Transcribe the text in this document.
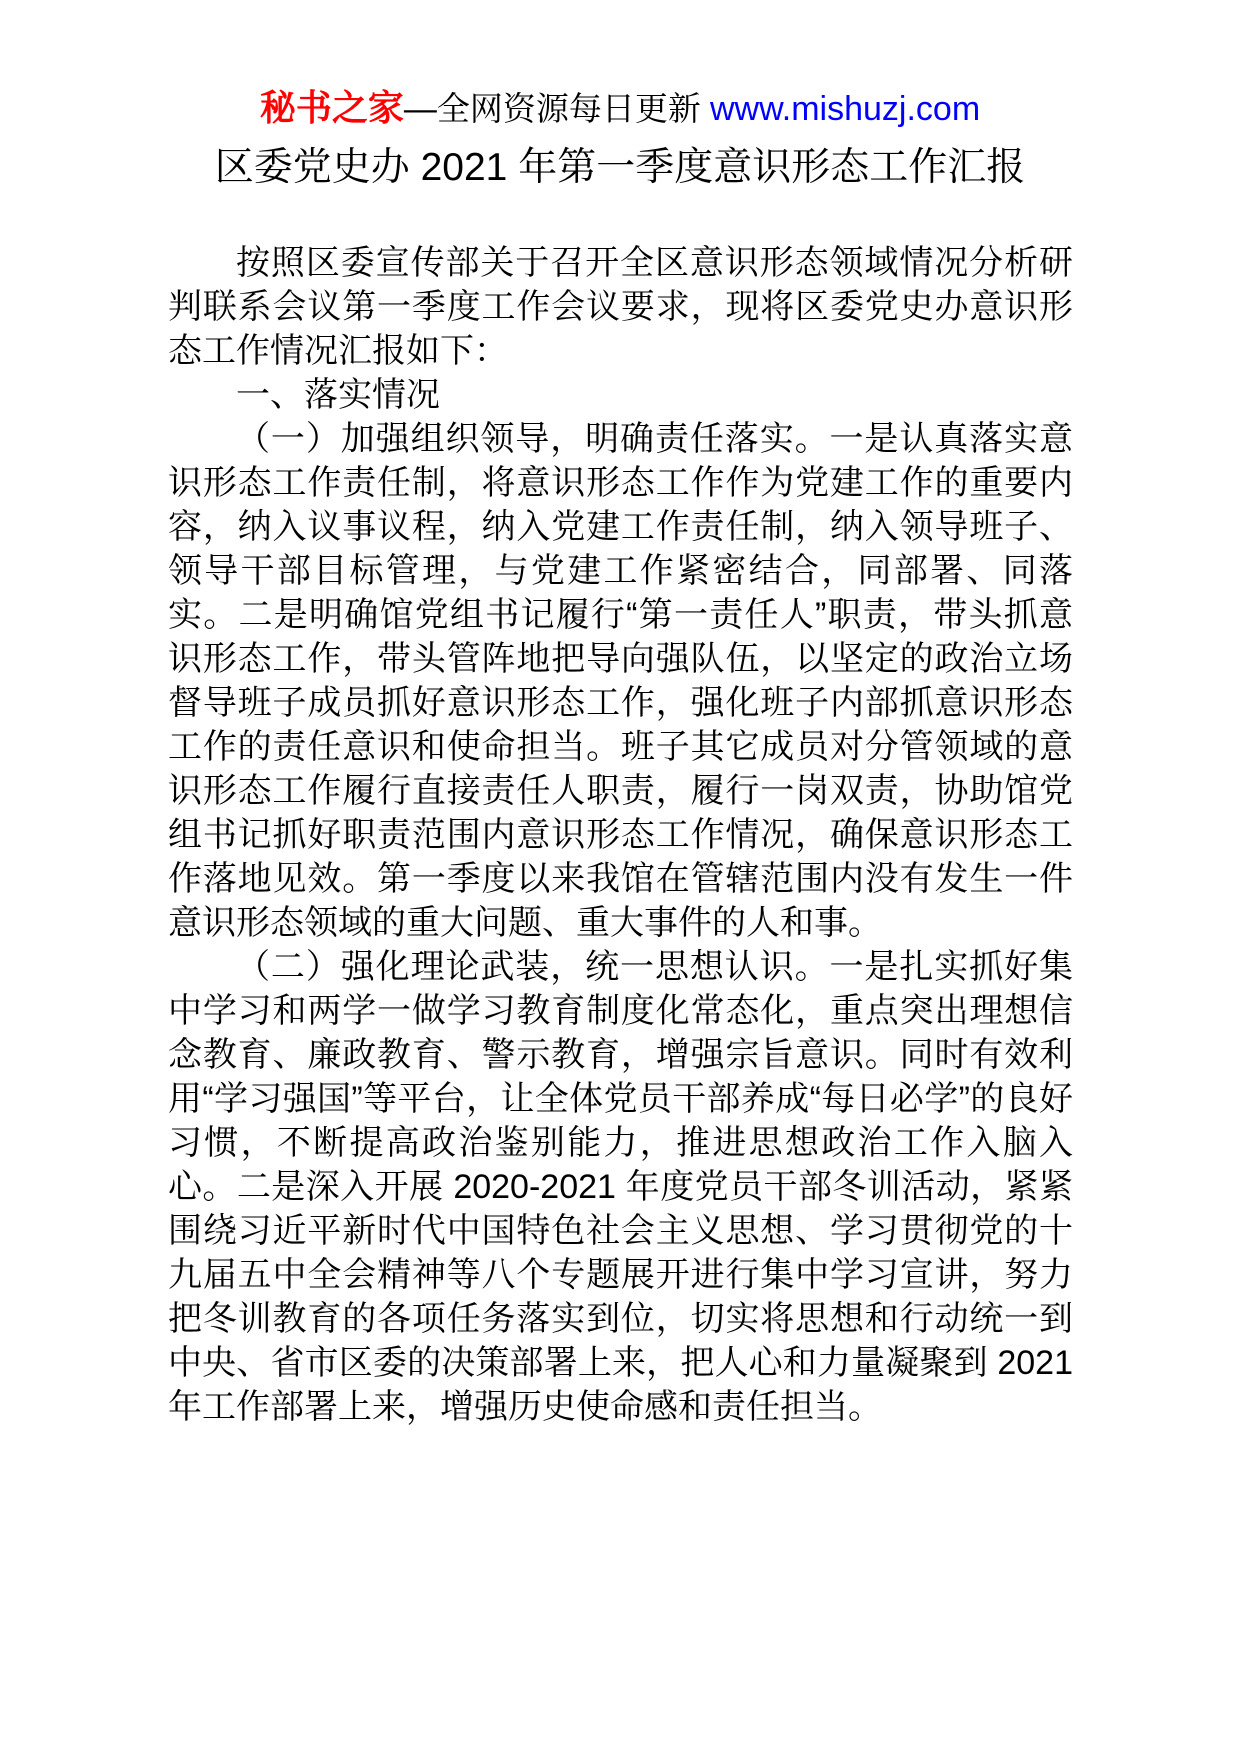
秘书之家—全网资源每日更新 www.mishuzj.com
区委党史办 2021 年第一季度意识形态工作汇报

按照区委宣传部关于召开全区意识形态领域情况分析研判联系会议第一季度工作会议要求，现将区委党史办意识形态工作情况汇报如下：

一、落实情况

（一）加强组织领导，明确责任落实。一是认真落实意识形态工作责任制，将意识形态工作作为党建工作的重要内容，纳入议事议程，纳入党建工作责任制，纳入领导班子、领导干部目标管理，与党建工作紧密结合，同部署、同落实。二是明确馆党组书记履行“第一责任人”职责，带头抓意识形态工作，带头管阵地把导向强队伍，以坚定的政治立场督导班子成员抓好意识形态工作，强化班子内部抓意识形态工作的责任意识和使命担当。班子其它成员对分管领域的意识形态工作履行直接责任人职责，履行一岗双责，协助馆党组书记抓好职责范围内意识形态工作情况，确保意识形态工作落地见效。第一季度以来我馆在管辖范围内没有发生一件意识形态领域的重大问题、重大事件的人和事。

（二）强化理论武装，统一思想认识。一是扎实抓好集中学习和两学一做学习教育制度化常态化，重点突出理想信念教育、廉政教育、警示教育，增强宗旨意识。同时有效利用“学习强国”等平台，让全体党员干部养成“每日必学”的良好习惯，不断提高政治鉴别能力，推进思想政治工作入脑入心。二是深入开展 2020-2021 年度党员干部冬训活动，紧紧围绕习近平新时代中国特色社会主义思想、学习贯彻党的十九届五中全会精神等八个专题展开进行集中学习宣讲，努力把冬训教育的各项任务落实到位，切实将思想和行动统一到中央、省市区委的决策部署上来，把人心和力量凝聚到 2021 年工作部署上来，增强历史使命感和责任担当。
